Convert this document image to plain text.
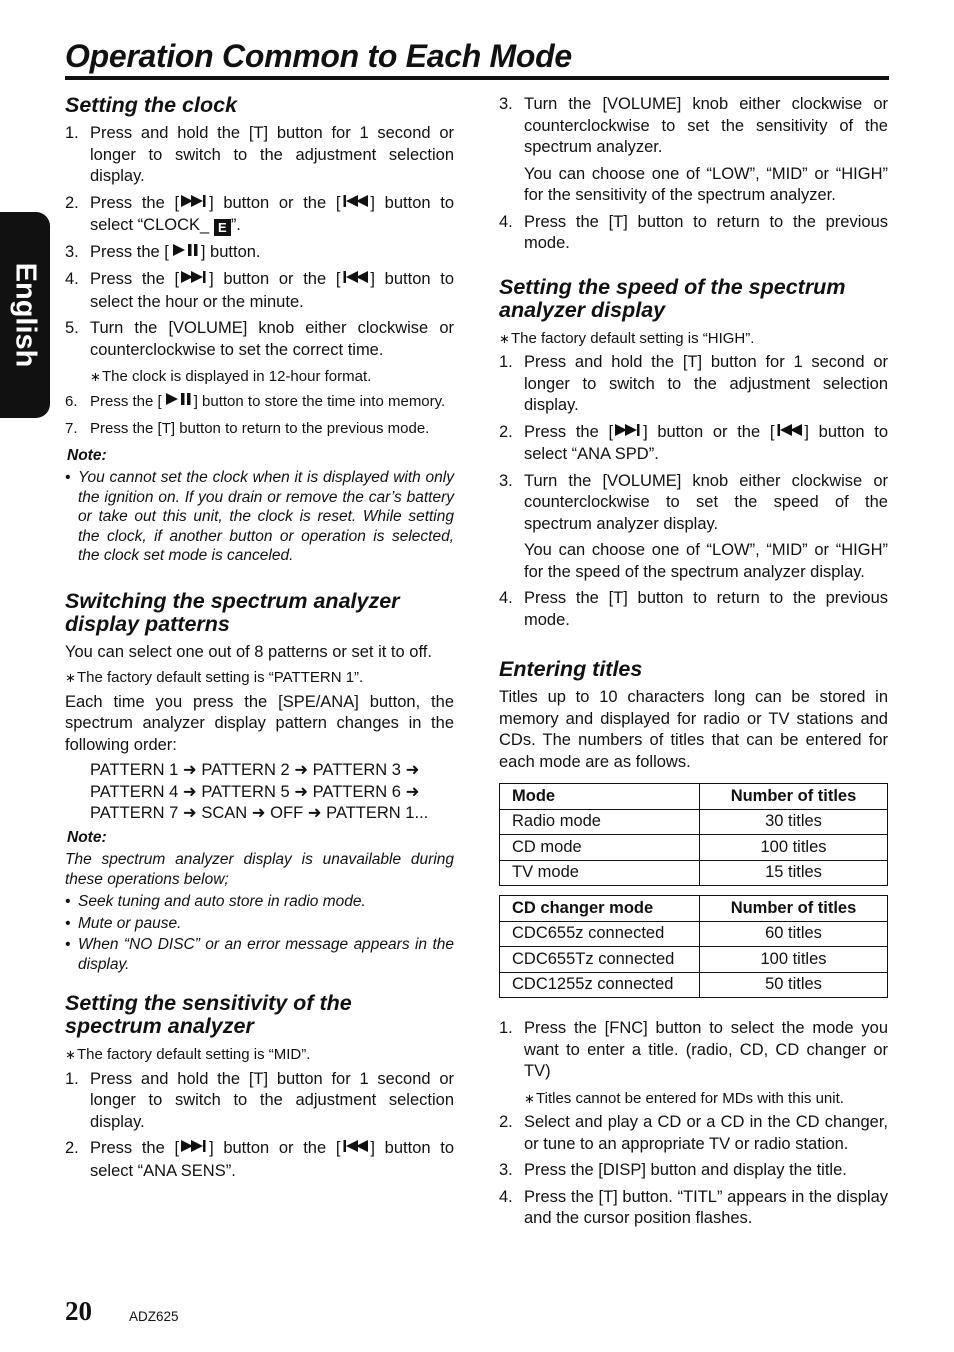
English
Operation Common to Each Mode
Setting the clock
1. Press and hold the [T] button for 1 second or longer to switch to the adjustment selection display.
2. Press the [ ] button or the [ ] button to select “CLOCK_ E ”.
3. Press the [ ] button.
4. Press the [ ] button or the [ ] button to select the hour or the minute.
5. Turn the [VOLUME] knob either clockwise or counterclockwise to set the correct time.
∗ The clock is displayed in 12-hour format.
6. Press the [ ] button to store the time into memory.
7. Press the [T] button to return to the previous mode.
Note:
• You cannot set the clock when it is displayed with only the ignition on. If you drain or remove the car’s battery or take out this unit, the clock is reset. While setting the clock, if another button or operation is selected, the clock set mode is canceled.
Switching the spectrum analyzer display patterns

You can select one out of 8 patterns or set it to off.

∗ The factory default setting is “PATTERN 1”.

Each time you press the [SPE/ANA] button, the spectrum analyzer display pattern changes in the following order:

PATTERN 1 ➜ PATTERN 2 ➜ PATTERN 3 ➜
PATTERN 4 ➜ PATTERN 5 ➜ PATTERN 6 ➜
PATTERN 7 ➜ SCAN ➜ OFF ➜ PATTERN 1...
Note:
The spectrum analyzer display is unavailable during these operations below;
• Seek tuning and auto store in radio mode.
• Mute or pause.
• When “NO DISC” or an error message appears in the display.
Setting the sensitivity of the spectrum analyzer
∗ The factory default setting is “MID”.
1. Press and hold the [T] button for 1 second or longer to switch to the adjustment selection display.
2. Press the [ ] button or the [ ] button to select “ANA SENS”.
3. Turn the [VOLUME] knob either clockwise or counterclockwise to set the sensitivity of the spectrum analyzer.
You can choose one of “LOW”, “MID” or “HIGH” for the sensitivity of the spectrum analyzer.
4. Press the [T] button to return to the previous mode.
Setting the speed of the spectrum analyzer display
∗ The factory default setting is “HIGH”.
1. Press and hold the [T] button for 1 second or longer to switch to the adjustment selection display.
2. Press the [ ] button or the [ ] button to select “ANA SPD”.
3. Turn the [VOLUME] knob either clockwise or counterclockwise to set the speed of the spectrum analyzer display.
You can choose one of “LOW”, “MID” or “HIGH” for the speed of the spectrum analyzer display.
4. Press the [T] button to return to the previous mode.
Entering titles

Titles up to 10 characters long can be stored in memory and displayed for radio or TV stations and CDs. The numbers of titles that can be entered for each mode are as follows.

Mode	Number of titles
Radio mode	30 titles
CD mode	100 titles
TV mode	15 titles
CD changer mode	Number of titles
CDC655z connected	60 titles
CDC655Tz connected	100 titles
CDC1255z connected	50 titles
1. Press the [FNC] button to select the mode you want to enter a title. (radio, CD, CD changer or TV)
∗ Titles cannot be entered for MDs with this unit.
2. Select and play a CD or a CD in the CD changer, or tune to an appropriate TV or radio station.
3. Press the [DISP] button and display the title.
4. Press the [T] button. “TITL” appears in the display and the cursor position flashes.
20	ADZ625
